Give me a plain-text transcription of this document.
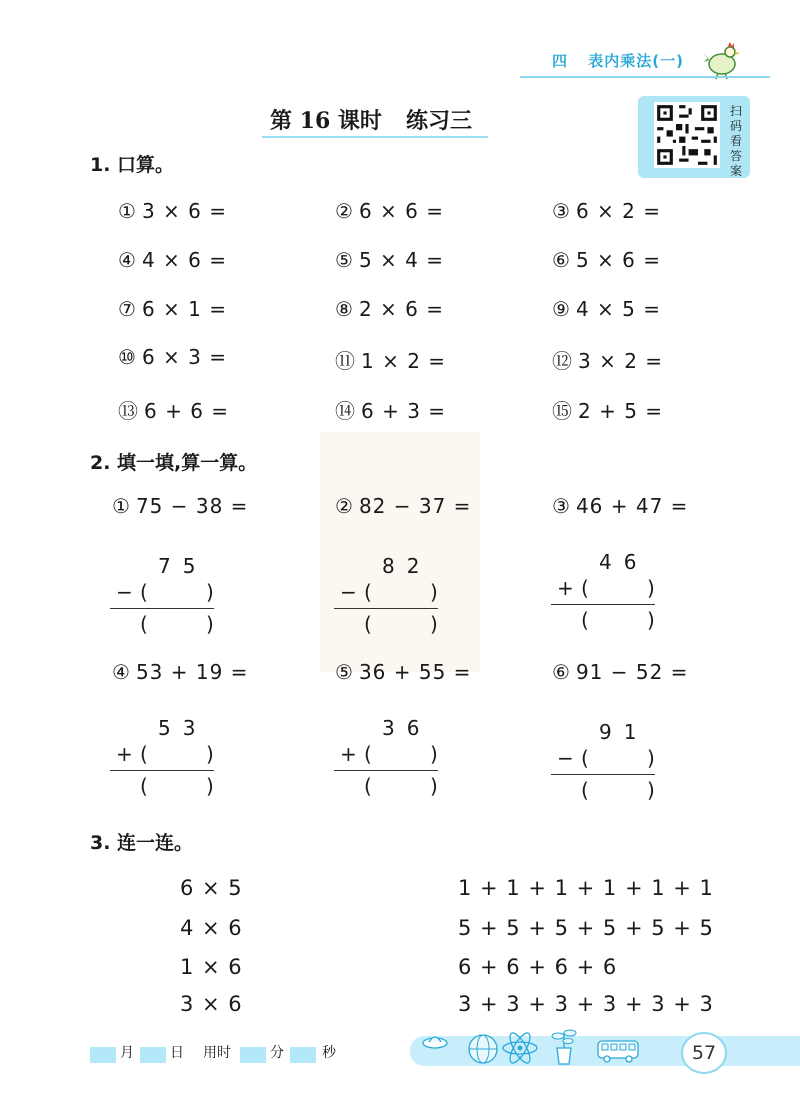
四 表内乘法(一)
第 16 课时 练习三	扫
码
看
答
案
1. 口算。
① 3 × 6 =	② 6 × 6 =	③ 6 × 2 =
④ 4 × 6 =	⑤ 5 × 4 =	⑥ 5 × 6 =
⑦ 6 × 1 =	⑧ 2 × 6 =	⑨ 4 × 5 =
⑩ 6 × 3 =	⑪ 1 × 2 =	⑫ 3 × 2 =
⑬ 6 + 6 =	⑭ 6 + 3 =	⑮ 2 + 5 =
2. 填一填,算一算。
① 75 − 38 =	② 82 − 37 =	③ 46 + 47 =
75
− (	)
(	)
82
− (	)
(	)
46
+ (	)
(	)
④ 53 + 19 =	⑤ 36 + 55 =	⑥ 91 − 52 =
53
+ (	)
(	)
36
+ (	)
(	)
91
− (	)
(	)
3. 连一连。
6 × 5
4 × 6
1 × 6
3 × 6
1 + 1 + 1 + 1 + 1 + 1
5 + 5 + 5 + 5 + 5 + 5
6 + 6 + 6 + 6
3 + 3 + 3 + 3 + 3 + 3
月	日 用时	分	秒	57
